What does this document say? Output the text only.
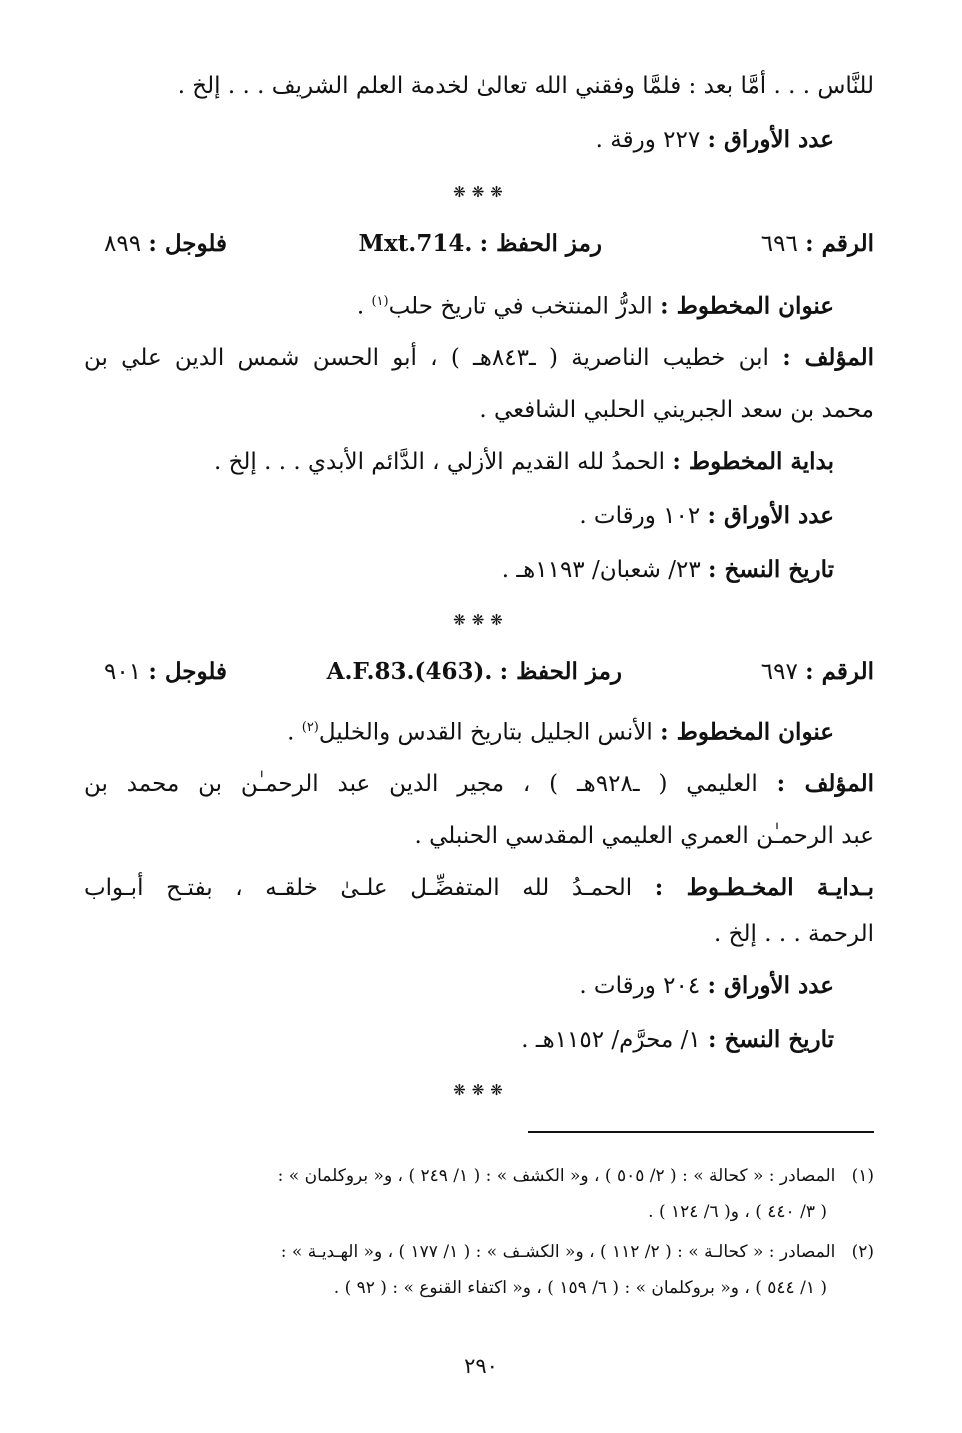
للنَّاس . . . أمَّا بعد : فلمَّا وفقني الله تعالىٰ لخدمة العلم الشريف . . . إلخ .
عدد الأوراق : ٢٢٧ ورقة .
❋❋❋
الرقم : ٦٩٦
رمز الحفظ : Mxt.714.
فلوجل : ٨٩٩
عنوان المخطوط : الدرُّ المنتخب في تاريخ حلب$^{(١)}$ .
المؤلف : ابن خطيب الناصرية ( ـ٨٤٣هـ ) ، أبو الحسن شمس الدين علي بن
محمد بن سعد الجبريني الحلبي الشافعي .
بداية المخطوط : الحمدُ لله القديم الأزلي ، الدَّائم الأبدي . . . إلخ .
عدد الأوراق : ١٠٢ ورقات .
تاريخ النسخ : ٢٣/ شعبان/ ١١٩٣هـ .
❋❋❋
الرقم : ٦٩٧
رمز الحفظ : A.F.83.(463).
فلوجل : ٩٠١
عنوان المخطوط : الأنس الجليل بتاريخ القدس والخليل$^{(٢)}$ .
المؤلف : العليمي ( ـ٩٢٨هـ ) ، مجير الدين عبد الرحمـٰن بن محمد بن
عبد الرحمـٰن العمري العليمي المقدسي الحنبلي .
بـدايـة المخـطـوط : الحمـدُ لله المتفضِّـل علـىٰ خلقـه ، بفتـح أبـواب
الرحمة . . . إلخ .
عدد الأوراق : ٢٠٤ ورقات .
تاريخ النسخ : ١/ محرَّم/ ١١٥٢هـ .
❋❋❋
(١)   المصادر : « كحالة » : ( ٢/ ٥٠٥ ) ، و« الكشف » : ( ١/ ٢٤٩ ) ، و« بروكلمان » :
( ٣/ ٤٤٠ ) ، و( ٦/ ١٢٤ ) .
(٢)   المصادر : « كحالـة » : ( ٢/ ١١٢ ) ، و« الكشـف » : ( ١/ ١٧٧ ) ، و« الهـديـة » :
( ١/ ٥٤٤ ) ، و« بروكلمان » : ( ٦/ ١٥٩ ) ، و« اكتفاء القنوع » : ( ٩٢ ) .
٢٩٠
